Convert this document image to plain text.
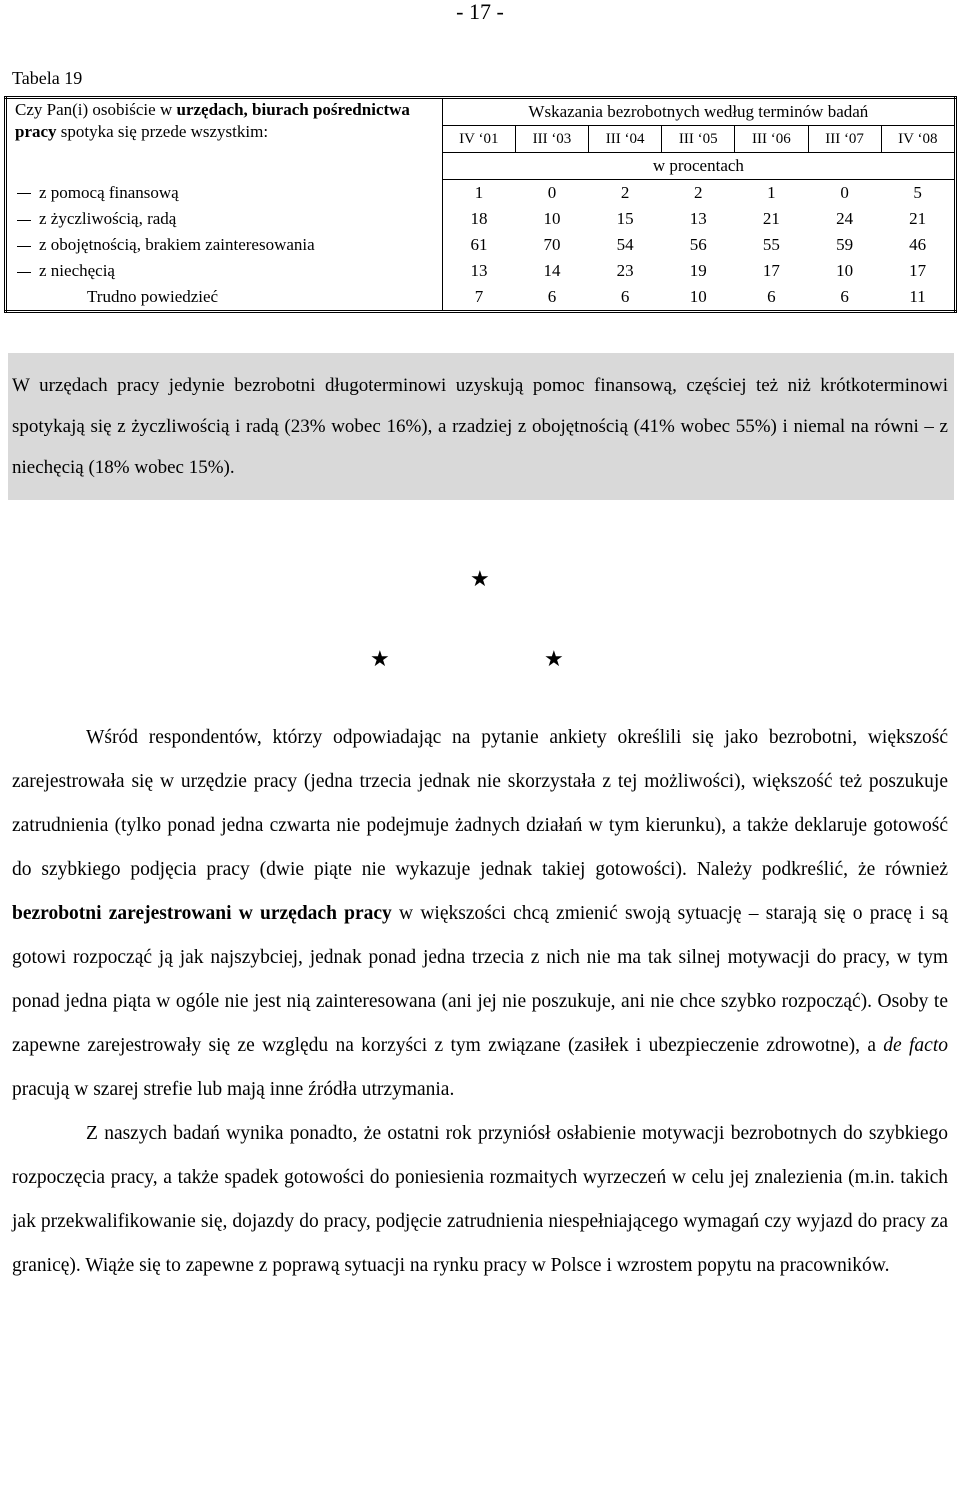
- 17 -
Tabela 19
Czy Pan(i) osobiście w urzędach, biurach pośrednictwa pracy spotyka się przede wszystkim:	Wskazania bezrobotnych według terminów badań						
	IV ‘01	III ‘03	III ‘04	III ‘05	III ‘06	III ‘07	IV ‘08
	w procentach						
z pomocą finansową	1	0	2	2	1	0	5
z życzliwością, radą	18	10	15	13	21	24	21
z obojętnością, brakiem zainteresowania	61	70	54	56	55	59	46
z niechęcią	13	14	23	19	17	10	17
Trudno powiedzieć	7	6	6	10	6	6	11
W urzędach pracy jedynie bezrobotni długoterminowi uzyskują pomoc finansową, częściej też niż krótkoterminowi spotykają się z życzliwością i radą (23% wobec 16%), a rzadziej z obojętnością (41% wobec 55%) i niemal na równi – z niechęcią (18% wobec 15%).
★
★	★

Wśród respondentów, którzy odpowiadając na pytanie ankiety określili się jako bezrobotni, większość zarejestrowała się w urzędzie pracy (jedna trzecia jednak nie skorzystała z tej możliwości), większość też poszukuje zatrudnienia (tylko ponad jedna czwarta nie podejmuje żadnych działań w tym kierunku), a także deklaruje gotowość do szybkiego podjęcia pracy (dwie piąte nie wykazuje jednak takiej gotowości). Należy podkreślić, że również bezrobotni zarejestrowani w urzędach pracy w większości chcą zmienić swoją sytuację – starają się o pracę i są gotowi rozpocząć ją jak najszybciej, jednak ponad jedna trzecia z nich nie ma tak silnej motywacji do pracy, w tym ponad jedna piąta w ogóle nie jest nią zainteresowana (ani jej nie poszukuje, ani nie chce szybko rozpocząć). Osoby te zapewne zarejestrowały się ze względu na korzyści z tym związane (zasiłek i ubezpieczenie zdrowotne), a de facto pracują w szarej strefie lub mają inne źródła utrzymania.

Z naszych badań wynika ponadto, że ostatni rok przyniósł osłabienie motywacji bezrobotnych do szybkiego rozpoczęcia pracy, a także spadek gotowości do poniesienia rozmaitych wyrzeczeń w celu jej znalezienia (m.in. takich jak przekwalifikowanie się, dojazdy do pracy, podjęcie zatrudnienia niespełniającego wymagań czy wyjazd do pracy za granicę). Wiąże się to zapewne z poprawą sytuacji na rynku pracy w Polsce i wzrostem popytu na pracowników.
